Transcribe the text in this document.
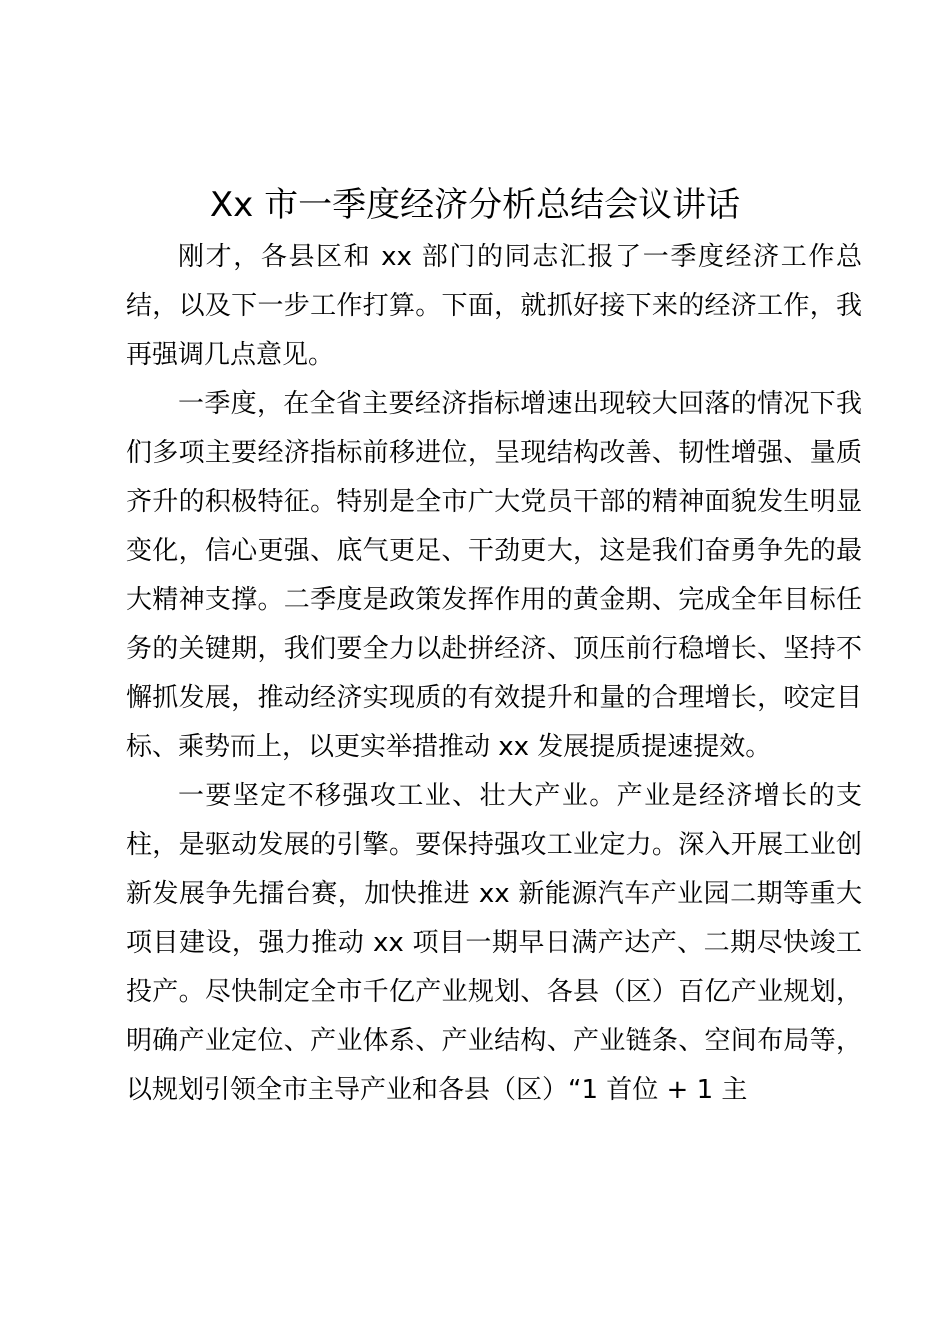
Xx 市一季度经济分析总结会议讲话

刚才，各县区和 xx 部门的同志汇报了一季度经济工作总结，以及下一步工作打算。下面，就抓好接下来的经济工作，我再强调几点意见。

一季度，在全省主要经济指标增速出现较大回落的情况下我们多项主要经济指标前移进位，呈现结构改善、韧性增强、量质齐升的积极特征。特别是全市广大党员干部的精神面貌发生明显变化，信心更强、底气更足、干劲更大，这是我们奋勇争先的最大精神支撑。二季度是政策发挥作用的黄金期、完成全年目标任务的关键期，我们要全力以赴拼经济、顶压前行稳增长、坚持不懈抓发展，推动经济实现质的有效提升和量的合理增长，咬定目标、乘势而上，以更实举措推动 xx 发展提质提速提效。

一要坚定不移强攻工业、壮大产业。产业是经济增长的支柱，是驱动发展的引擎。要保持强攻工业定力。深入开展工业创新发展争先擂台赛，加快推进 xx 新能源汽车产业园二期等重大项目建设，强力推动 xx 项目一期早日满产达产、二期尽快竣工投产。尽快制定全市千亿产业规划、各县（区）百亿产业规划，明确产业定位、产业体系、产业结构、产业链条、空间布局等，以规划引领全市主导产业和各县（区）“1 首位 + 1 主
